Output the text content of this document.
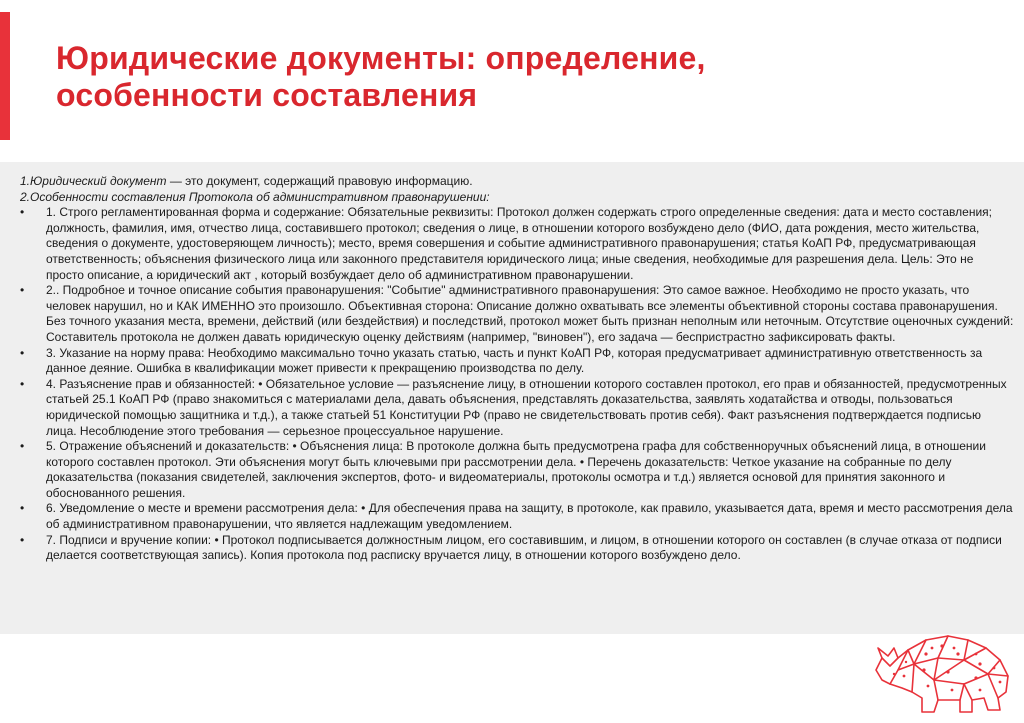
Юридические документы: определение,
особенности составления

1.Юридический документ — это документ, содержащий правовую информацию.

2.Особенности составления Протокола об административном правонарушении:

• 1. Строго регламентированная форма и содержание: Обязательные реквизиты: Протокол должен содержать строго определенные сведения: дата и место составления; должность, фамилия, имя, отчество лица, составившего протокол; сведения о лице, в отношении которого возбуждено дело (ФИО, дата рождения, место жительства, сведения о документе, удостоверяющем личность); место, время совершения и событие административного правонарушения; статья КоАП РФ, предусматривающая ответственность; объяснения физического лица или законного представителя юридического лица; иные сведения, необходимые для разрешения дела. Цель: Это не просто описание, а юридический акт , который возбуждает дело об административном правонарушении.
• 2.. Подробное и точное описание события правонарушения: "Событие" административного правонарушения: Это самое важное. Необходимо не просто указать, что человек нарушил, но и КАК ИМЕННО это произошло. Объективная сторона: Описание должно охватывать все элементы объективной стороны состава правонарушения. Без точного указания места, времени, действий (или бездействия) и последствий, протокол может быть признан неполным или неточным. Отсутствие оценочных суждений: Составитель протокола не должен давать юридическую оценку действиям (например, "виновен"), его задача — беспристрастно зафиксировать факты.
• 3. Указание на норму права: Необходимо максимально точно указать статью, часть и пункт КоАП РФ, которая предусматривает административную ответственность за данное деяние. Ошибка в квалификации может привести к прекращению производства по делу.
• 4. Разъяснение прав и обязанностей: • Обязательное условие — разъяснение лицу, в отношении которого составлен протокол, его прав и обязанностей, предусмотренных статьей 25.1 КоАП РФ (право знакомиться с материалами дела, давать объяснения, представлять доказательства, заявлять ходатайства и отводы, пользоваться юридической помощью защитника и т.д.), а также статьей 51 Конституции РФ (право не свидетельствовать против себя). Факт разъяснения подтверждается подписью лица. Несоблюдение этого требования — серьезное процессуальное нарушение.
• 5. Отражение объяснений и доказательств: • Объяснения лица: В протоколе должна быть предусмотрена графа для собственноручных объяснений лица, в отношении которого составлен протокол. Эти объяснения могут быть ключевыми при рассмотрении дела. • Перечень доказательств: Четкое указание на собранные по делу доказательства (показания свидетелей, заключения экспертов, фото- и видеоматериалы, протоколы осмотра и т.д.) является основой для принятия законного и обоснованного решения.
• 6. Уведомление о месте и времени рассмотрения дела: • Для обеспечения права на защиту, в протоколе, как правило, указывается дата, время и место рассмотрения дела об административном правонарушении, что является надлежащим уведомлением.
• 7. Подписи и вручение копии: • Протокол подписывается должностным лицом, его составившим, и лицом, в отношении которого он составлен (в случае отказа от подписи делается соответствующая запись). Копия протокола под расписку вручается лицу, в отношении которого возбуждено дело.
